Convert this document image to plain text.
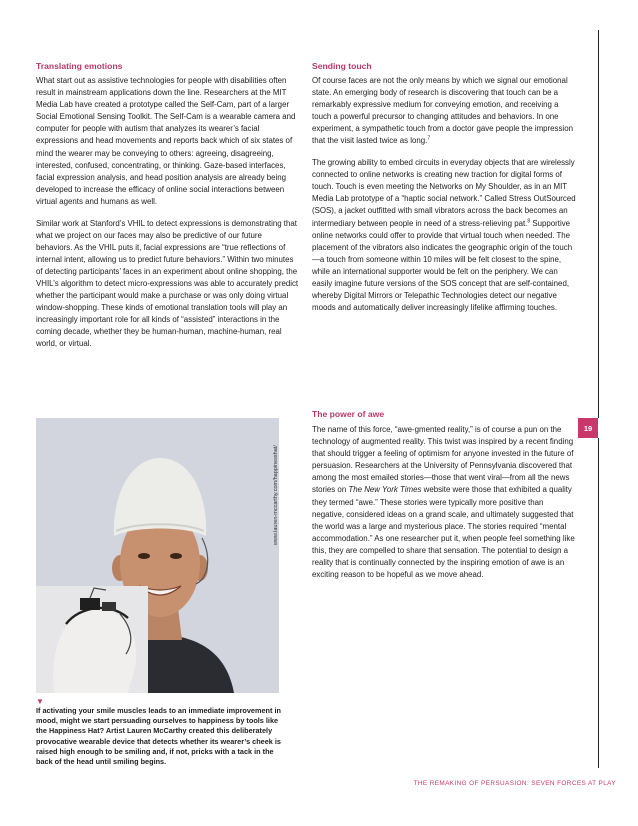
Translating emotions

What start out as assistive technologies for people with disabilities often result in mainstream applications down the line. Researchers at the MIT Media Lab have created a prototype called the Self-Cam, part of a larger Social Emotional Sensing Toolkit. The Self-Cam is a wearable camera and computer for people with autism that analyzes its wearer’s facial expressions and head movements and reports back which of six states of mind the wearer may be conveying to others: agreeing, disagreeing, interested, confused, concentrating, or thinking. Gaze-based interfaces, facial expression analysis, and head position analysis are already being developed to increase the efficacy of online social interactions between virtual agents and humans as well.

Similar work at Stanford’s VHIL to detect expressions is demonstrating that what we project on our faces may also be predictive of our future behaviors. As the VHIL puts it, facial expressions are “true reflections of internal intent, allowing us to predict future behaviors.” Within two minutes of detecting participants’ faces in an experiment about online shopping, the VHIL’s algorithm to detect micro-expressions was able to accurately predict whether the participant would make a purchase or was only doing virtual window-shopping. These kinds of emotional translation tools will play an increasingly important role for all kinds of “assisted” interactions in the coming decade, whether they be human-human, machine-human, real world, or virtual.

Sending touch

Of course faces are not the only means by which we signal our emotional state. An emerging body of research is discovering that touch can be a remarkably expressive medium for conveying emotion, and receiving a touch a powerful precursor to changing attitudes and behaviors. In one experiment, a sympathetic touch from a doctor gave people the impression that the visit lasted twice as long.$^7$

The growing ability to embed circuits in everyday objects that are wirelessly connected to online networks is creating new traction for digital forms of touch. Touch is even meeting the Networks on My Shoulder, as in an MIT Media Lab prototype of a “haptic social network.” Called Stress OutSourced (SOS), a jacket outfitted with small vibrators across the back becomes an intermediary between people in need of a stress-relieving pat.$^8$ Supportive online networks could offer to provide that virtual touch when needed. The placement of the vibrators also indicates the geographic origin of the touch—a touch from someone within 10 miles will be felt closest to the spine, while an international supporter would be felt on the periphery. We can easily imagine future versions of the SOS concept that are self-contained, whereby Digital Mirrors or Telepathic Technologies detect our negative moods and automatically deliver increasingly lifelike affirming touches.

The power of awe

The name of this force, “awe-gmented reality,” is of course a pun on the technology of augmented reality. This twist was inspired by a recent finding that should trigger a feeling of optimism for anyone invested in the future of persuasion. Researchers at the University of Pennsylvania discovered that among the most emailed stories—those that went viral—from all the news stories on The New York Times website were those that exhibited a quality they termed “awe.” These stories were typically more positive than negative, considered ideas on a grand scale, and ultimately suggested that the world was a large and mysterious place. The stories required “mental accommodation.” As one researcher put it, when people feel something like this, they are compelled to share that sensation. The potential to design a reality that is continually connected by the inspiring emotion of awe is an exciting reason to be hopeful as we move ahead.

19
www.lauren-mccarthy.com/happinesshat/
▼

If activating your smile muscles leads to an immediate improvement in mood, might we start persuading ourselves to happiness by tools like the Happiness Hat? Artist Lauren McCarthy created this deliberately provocative wearable device that detects whether its wearer’s cheek is raised high enough to be smiling and, if not, pricks with a tack in the back of the head until smiling begins.

THE REMAKING OF PERSUASION: SEVEN FORCES AT PLAY
